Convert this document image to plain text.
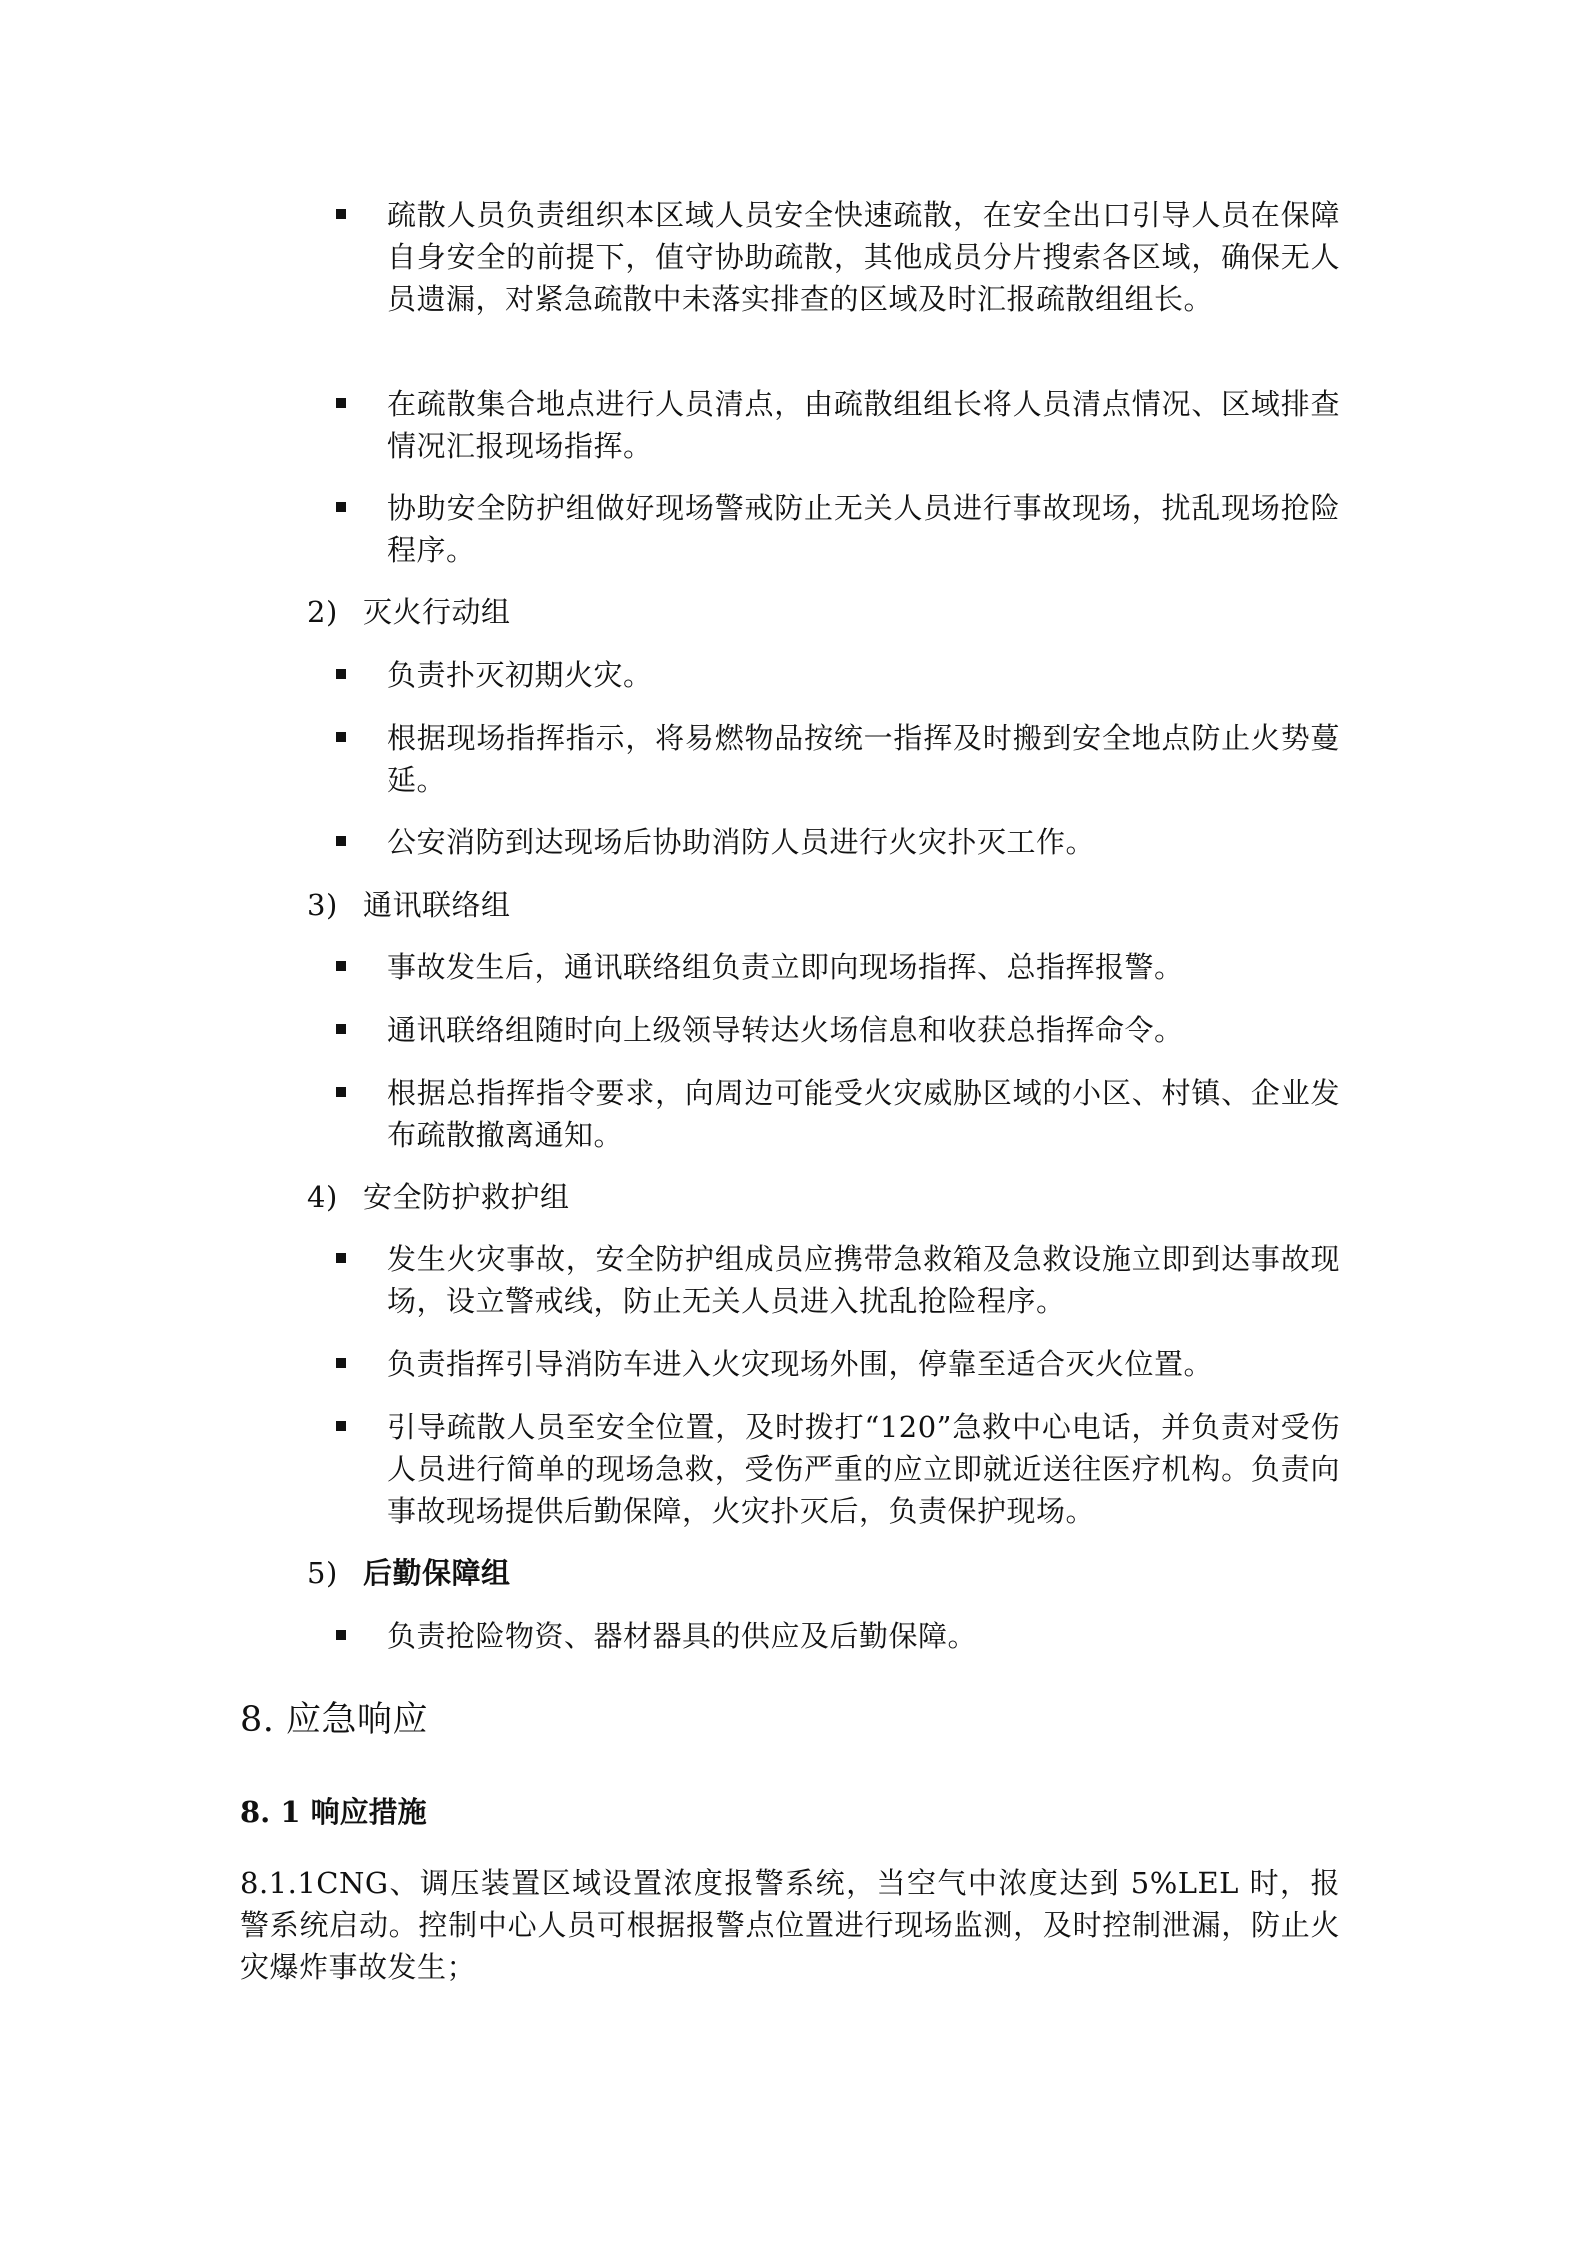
疏散人员负责组织本区域人员安全快速疏散，在安全出口引导人员在保障自身安全的前提下，值守协助疏散，其他成员分片搜索各区域，确保无人员遗漏，对紧急疏散中未落实排查的区域及时汇报疏散组组长。
在疏散集合地点进行人员清点，由疏散组组长将人员清点情况、区域排查情况汇报现场指挥。
协助安全防护组做好现场警戒防止无关人员进行事故现场，扰乱现场抢险程序。
2) 灭火行动组
负责扑灭初期火灾。
根据现场指挥指示，将易燃物品按统一指挥及时搬到安全地点防止火势蔓延。
公安消防到达现场后协助消防人员进行火灾扑灭工作。
3) 通讯联络组
事故发生后，通讯联络组负责立即向现场指挥、总指挥报警。
通讯联络组随时向上级领导转达火场信息和收获总指挥命令。
根据总指挥指令要求，向周边可能受火灾威胁区域的小区、村镇、企业发布疏散撤离通知。
4) 安全防护救护组
发生火灾事故，安全防护组成员应携带急救箱及急救设施立即到达事故现场，设立警戒线，防止无关人员进入扰乱抢险程序。
负责指挥引导消防车进入火灾现场外围，停靠至适合灭火位置。
引导疏散人员至安全位置，及时拨打“120”急救中心电话，并负责对受伤人员进行简单的现场急救，受伤严重的应立即就近送往医疗机构。负责向事故现场提供后勤保障，火灾扑灭后，负责保护现场。
5) 后勤保障组
负责抢险物资、器材器具的供应及后勤保障。
8. 应急响应
8. 1 响应措施
8.1.1CNG、调压装置区域设置浓度报警系统，当空气中浓度达到 5%LEL 时，报警系统启动。控制中心人员可根据报警点位置进行现场监测，及时控制泄漏，防止火灾爆炸事故发生；
